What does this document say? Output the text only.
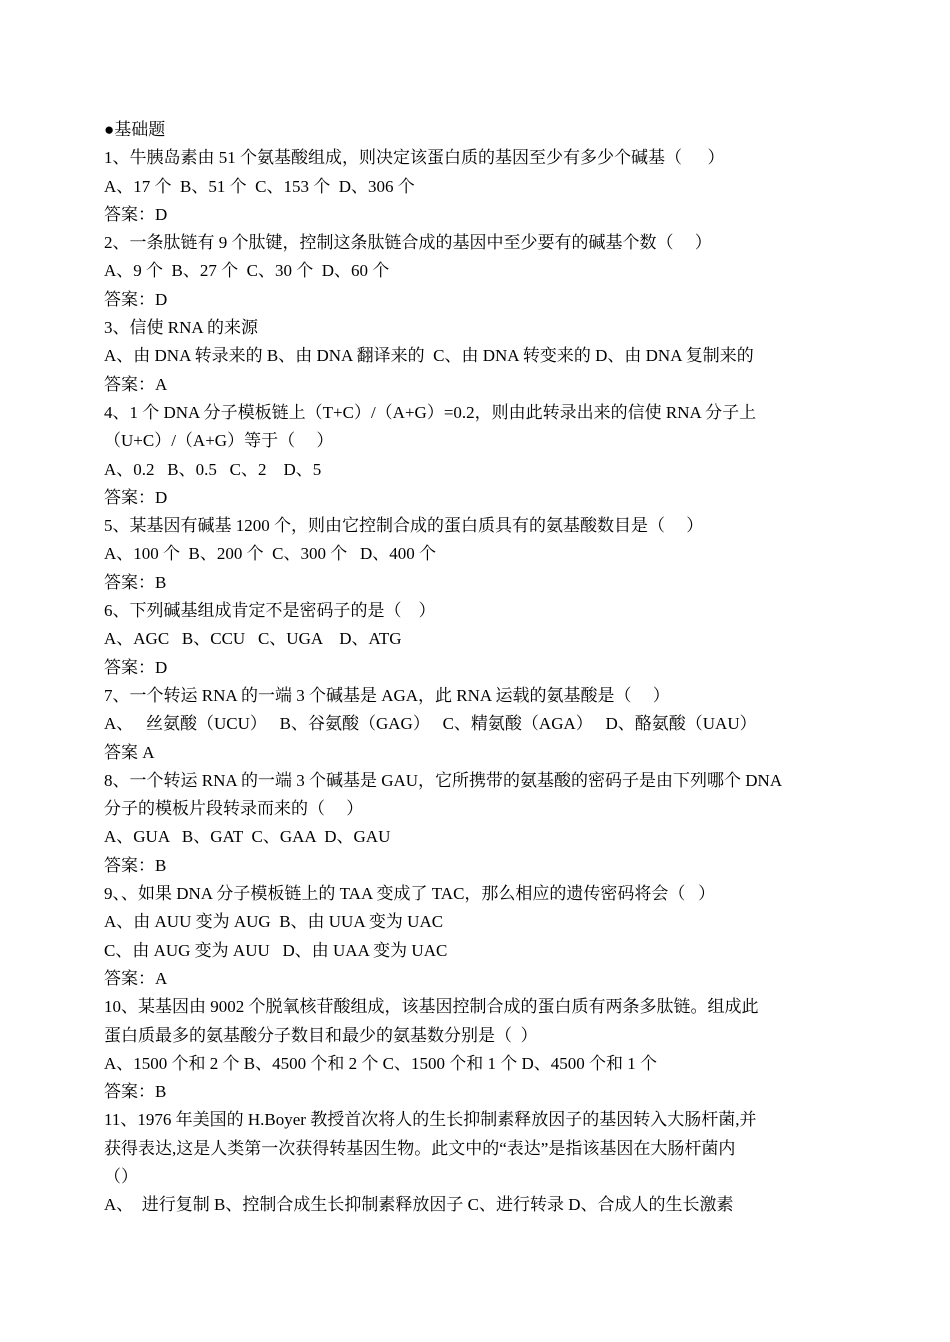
●基础题
1、牛胰岛素由 51 个氨基酸组成，则决定该蛋白质的基因至少有多少个碱基（      ）
A、17 个  B、51 个  C、153 个  D、306 个
答案：D
2、一条肽链有 9 个肽键，控制这条肽链合成的基因中至少要有的碱基个数（     ）
A、9 个  B、27 个  C、30 个  D、60 个
答案：D
3、信使 RNA 的来源
A、由 DNA 转录来的 B、由 DNA 翻译来的  C、由 DNA 转变来的 D、由 DNA 复制来的
答案：A
4、1 个 DNA 分子模板链上（T+C）/（A+G）=0.2，则由此转录出来的信使 RNA 分子上
（U+C）/（A+G）等于（     ）
A、0.2   B、0.5   C、2    D、5
答案：D
5、某基因有碱基 1200 个，则由它控制合成的蛋白质具有的氨基酸数目是（     ）
A、100 个  B、200 个  C、300 个   D、400 个
答案：B
6、下列碱基组成肯定不是密码子的是（    ）
A、AGC   B、CCU   C、UGA    D、ATG
答案：D
7、一个转运 RNA 的一端 3 个碱基是 AGA，此 RNA 运载的氨基酸是（     ）
A、   丝氨酸（UCU）   B、谷氨酸（GAG）   C、精氨酸（AGA）   D、酪氨酸（UAU）
答案 A
8、一个转运 RNA 的一端 3 个碱基是 GAU，它所携带的氨基酸的密码子是由下列哪个 DNA
分子的模板片段转录而来的（     ）
A、GUA   B、GAT  C、GAA  D、GAU
答案：B
9、、如果 DNA 分子模板链上的 TAA 变成了 TAC，那么相应的遗传密码将会（   ）
A、由 AUU 变为 AUG  B、由 UUA 变为 UAC
C、由 AUG 变为 AUU   D、由 UAA 变为 UAC
答案：A
10、某基因由 9002 个脱氧核苷酸组成，该基因控制合成的蛋白质有两条多肽链。组成此
蛋白质最多的氨基酸分子数目和最少的氨基数分别是（  ）
A、1500 个和 2 个 B、4500 个和 2 个 C、1500 个和 1 个 D、4500 个和 1 个
答案：B
11、1976 年美国的 H.Boyer 教授首次将人的生长抑制素释放因子的基因转入大肠杆菌,并
获得表达,这是人类第一次获得转基因生物。此文中的“表达”是指该基因在大肠杆菌内
（）
A、  进行复制 B、控制合成生长抑制素释放因子 C、进行转录 D、合成人的生长激素
